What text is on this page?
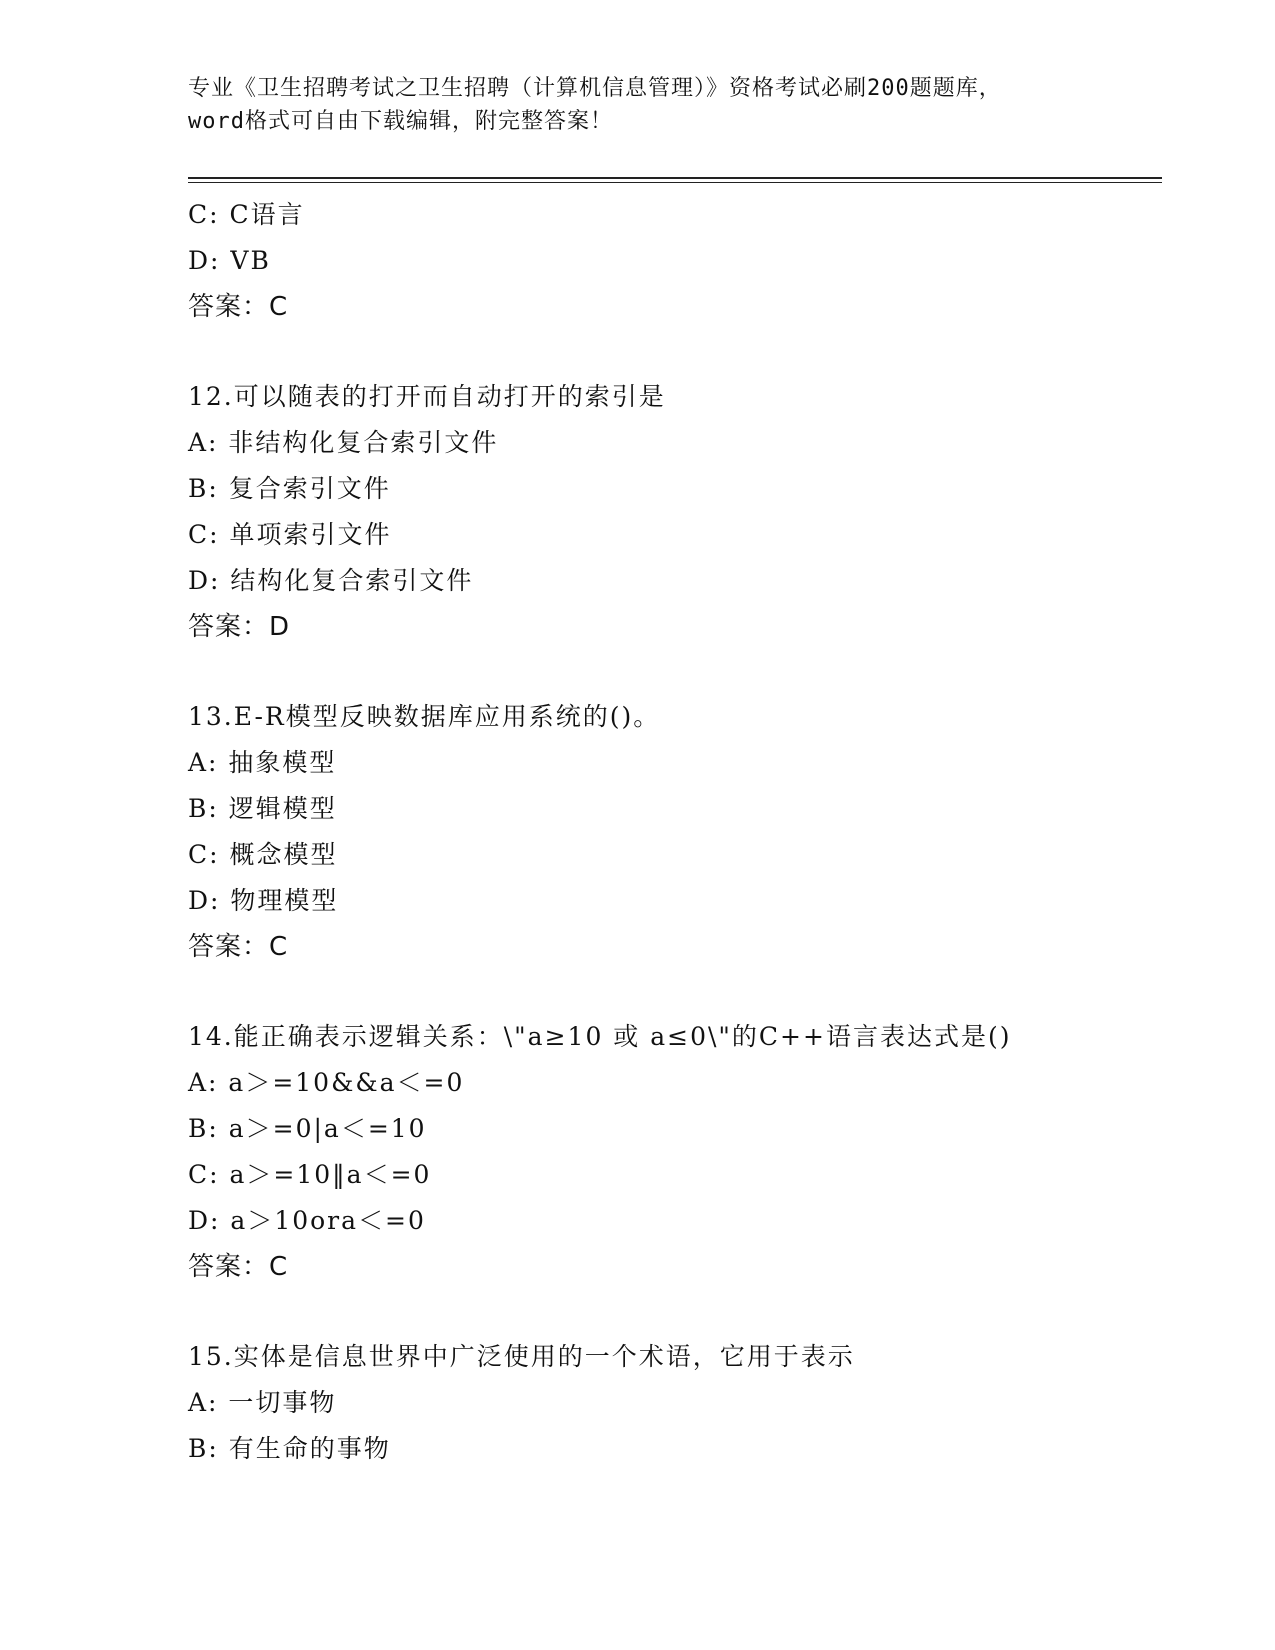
专业《卫生招聘考试之卫生招聘（计算机信息管理）》资格考试必刷200题题库，
word格式可自由下载编辑，附完整答案！
C: C语言
D: VB
答案：C
12.可以随表的打开而自动打开的索引是
A: 非结构化复合索引文件
B: 复合索引文件
C: 单项索引文件
D: 结构化复合索引文件
答案：D
13.E-R模型反映数据库应用系统的()。
A: 抽象模型
B: 逻辑模型
C: 概念模型
D: 物理模型
答案：C
14.能正确表示逻辑关系：\"a≥10 或 a≤0\"的C++语言表达式是()
A: a＞=10&&a＜=0
B: a＞=0|a＜=10
C: a＞=10‖a＜=0
D: a＞10ora＜=0
答案：C
15.实体是信息世界中广泛使用的一个术语，它用于表示
A: 一切事物
B: 有生命的事物
